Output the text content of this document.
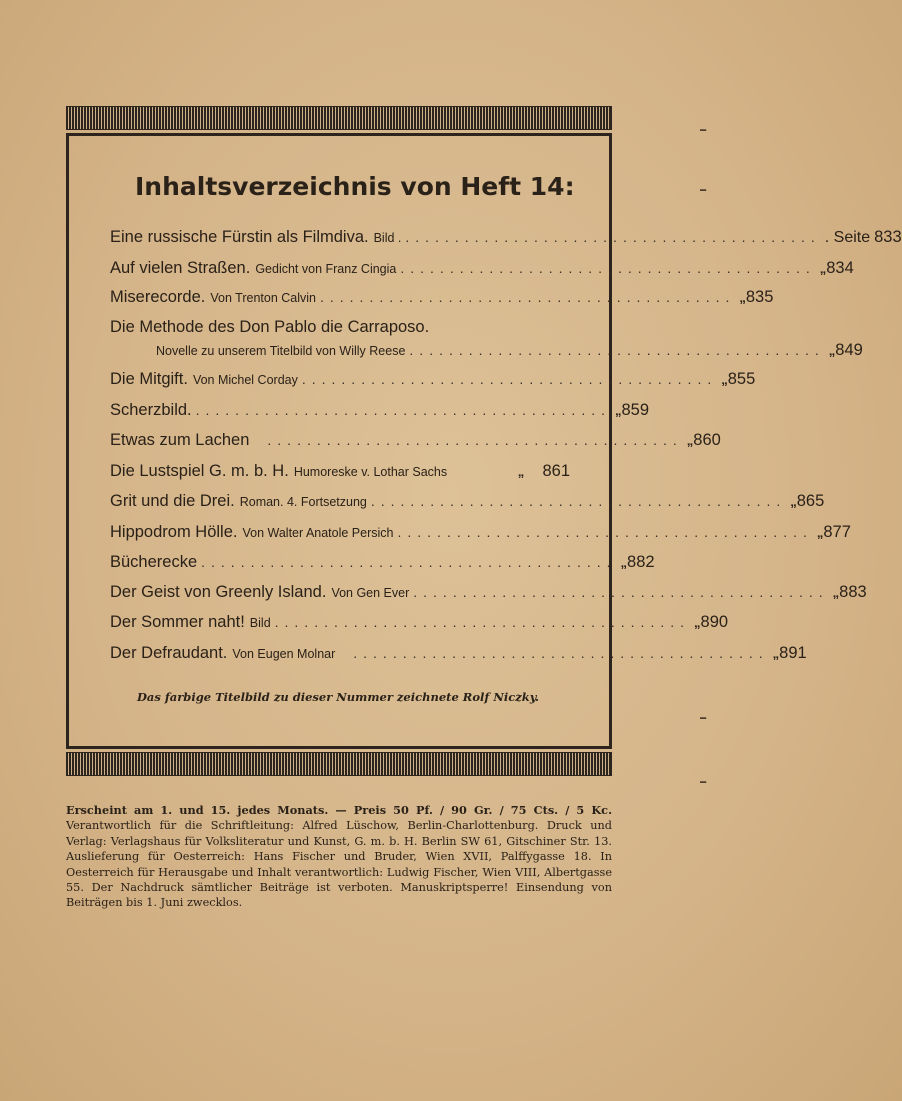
Inhaltsverzeichnis von Heft 14:
Eine russische Fürstin als Filmdiva. Bild . .......................................... . Seite 833
Auf vielen Straßen. Gedicht von Franz Cingia .......................................... „ 834
Miserecorde. Von Trenton Calvin .......................................... „ 835
Die Methode des Don Pablo die Carraposo.
Novelle zu unserem Titelbild von Willy Reese .......................................... „ 849
Die Mitgift. Von Michel Corday .......................................... „ 855
Scherzbild. .......................................... „ 859
Etwas zum Lachen .......................................... „ 860
Die Lustspiel G. m. b. H. Humoreske v. Lothar Sachs	„	861
Grit und die Drei. Roman. 4. Fortsetzung .......................................... „ 865
Hippodrom Hölle. Von Walter Anatole Persich .......................................... „ 877
Bücherecke .......................................... „ 882
Der Geist von Greenly Island. Von Gen Ever .......................................... „ 883
Der Sommer naht! Bild .......................................... „ 890
Der Defraudant. Von Eugen Molnar .......................................... „ 891
Das farbige Titelbild zu dieser Nummer zeichnete Rolf Niczky.
Erscheint am 1. und 15. jedes Monats. — Preis 50 Pf. / 90 Gr. / 75 Cts. / 5 Kc. Verantwortlich für die Schriftleitung: Alfred Lüschow, Berlin-Charlottenburg. Druck und Verlag: Verlagshaus für Volksliteratur und Kunst, G. m. b. H. Berlin SW 61, Gitschiner Str. 13. Auslieferung für Oesterreich: Hans Fischer und Bruder, Wien XVII, Palffygasse 18. In Oesterreich für Herausgabe und Inhalt verantwortlich: Ludwig Fischer, Wien VIII, Albertgasse 55. Der Nachdruck sämtlicher Beiträge ist verboten. Manuskriptsperre! Einsendung von Beiträgen bis 1. Juni zwecklos.
╶
╶
╶
╶
